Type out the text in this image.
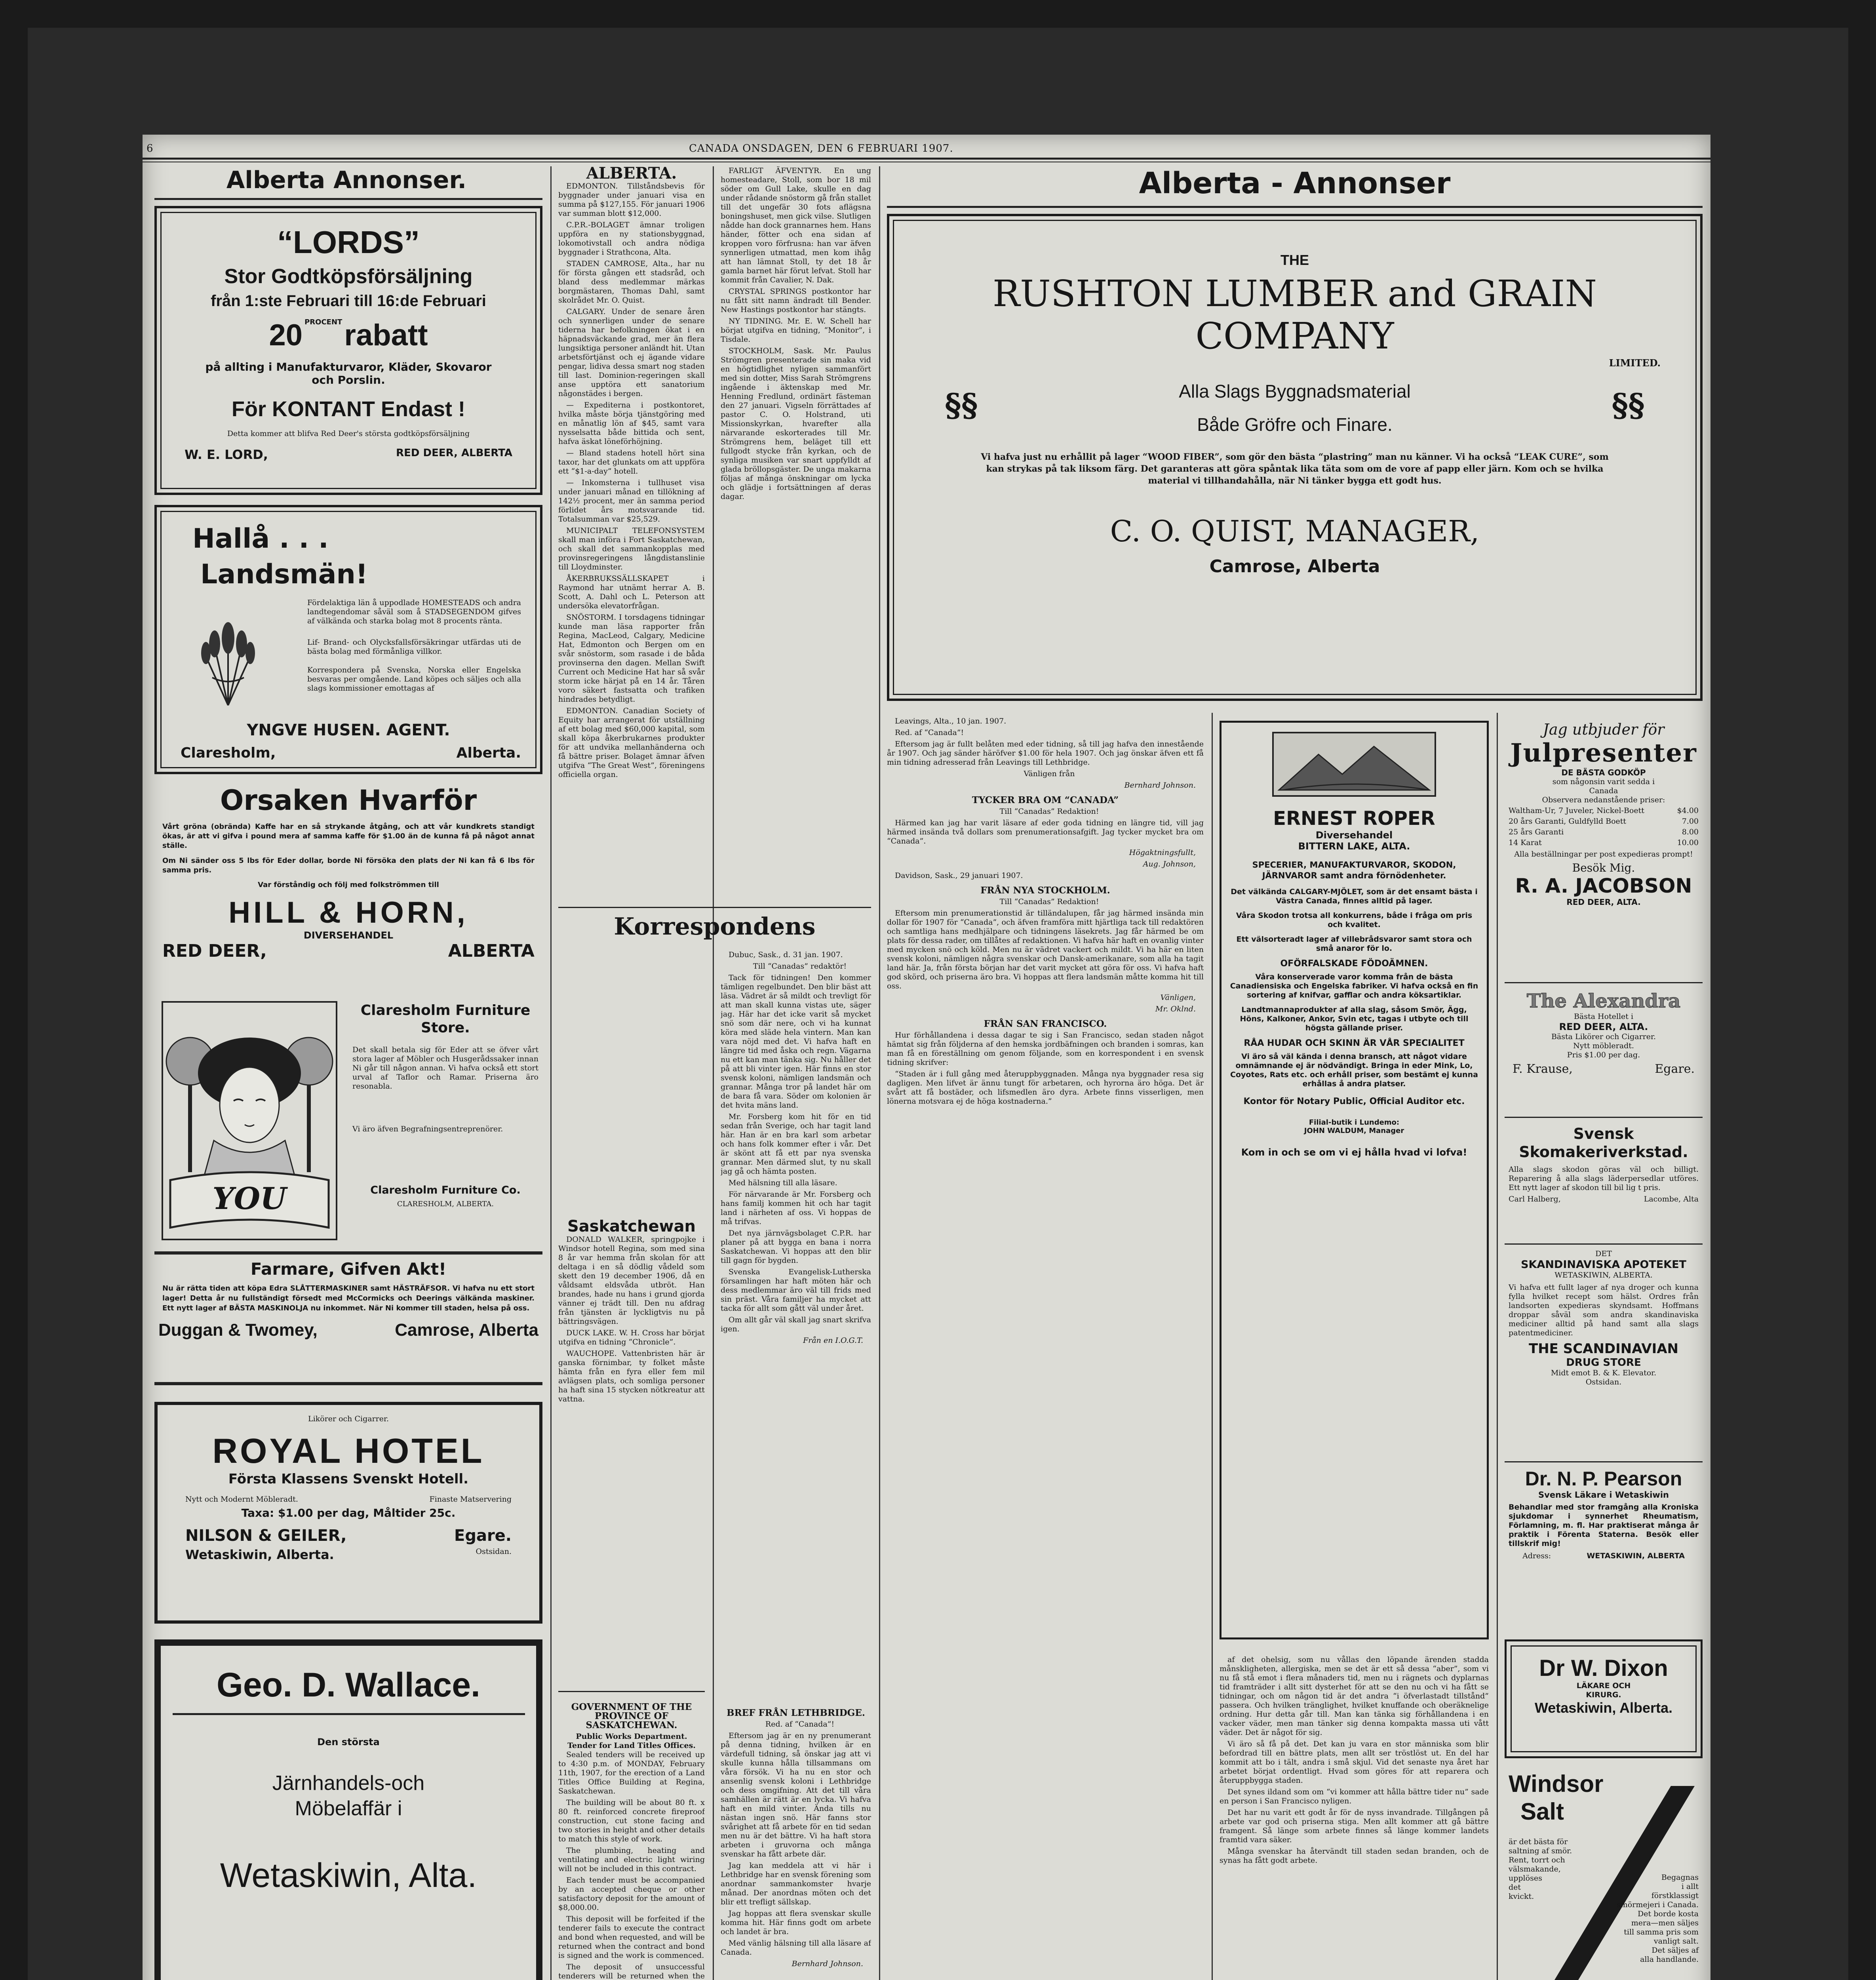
6	CANADA ONSDAGEN, DEN 6 FEBRUARI 1907.
Alberta Annonser.
“LORDS”
Stor Godtköpsförsäljning
från 1:ste Februari till 16:de Februari
20 PROCENT rabatt
på allting i Manufakturvaror, Kläder, Skovaror och Porslin.
För KONTANT Endast !
Detta kommer att blifva Red Deer's största godtköpsförsäljning
W. E. LORD,	RED DEER, ALBERTA
Hallå . . .
Landsmän!
Fördelaktiga län å uppodlade HOMESTEADS och andra landtegendomar såväl som å STADSEGENDOM gifves af välkända och starka bolag mot 8 procents ränta.
Lif- Brand- och Olycksfallsförsäkringar utfärdas uti de bästa bolag med förmånliga villkor.
Korrespondera på Svenska, Norska eller Engelska besvaras per omgående. Land köpes och säljes och alla slags kommissioner emottagas af
YNGVE HUSEN. AGENT.
Claresholm,	Alberta.
Orsaken Hvarför
Vårt gröna (obrända) Kaffe har en så strykande åtgång, och att vår kundkrets standigt ökas, är att vi gifva i pound mera af samma kaffe för $1.00 än de kunna få på något annat ställe.
Om Ni sänder oss 5 lbs för Eder dollar, borde Ni försöka den plats der Ni kan få 6 lbs för samma pris.
Var förståndig och följ med folkströmmen till
HILL & HORN,
DIVERSEHANDEL
RED DEER,	ALBERTA
YOU
Claresholm Furniture Store.
Det skall betala sig för Eder att se öfver vårt stora lager af Möbler och Husgerådssaker innan Ni går till någon annan. Vi hafva också ett stort urval af Taflor och Ramar. Priserna äro resonabla.
Vi äro äfven Begrafningsentreprenörer.
Claresholm Furniture Co.
CLARESHOLM, ALBERTA.
Farmare, Gifven Akt!
Nu är rätta tiden att köpa Edra SLÅTTERMASKINER samt HÄSTRÄFSOR. Vi hafva nu ett stort lager! Detta år nu fullständigt försedt med McCormicks och Deerings välkända maskiner. Ett nytt lager af BÄSTA MASKINOLJA nu inkommet. När Ni kommer till staden, helsa på oss.
Duggan & Twomey,	Camrose, Alberta
Likörer och Cigarrer.
ROYAL HOTEL
Första Klassens Svenskt Hotell.
Nytt och Modernt Möbleradt.	Finaste Matservering
Taxa: $1.00 per dag, Måltider 25c.
NILSON & GEILER,	Egare.
Wetaskiwin, Alberta.	Ostsidan.
Geo. D. Wallace.
Den största
Järnhandels-och
Möbelaffär i
Wetaskiwin, Alta.
ALBERTA.

EDMONTON. Tillståndsbevis för byggnader under januari visa en summa på $127,155. För januari 1906 var summan blott $12,000.

C.P.R.-BOLAGET ämnar troligen uppföra en ny stationsbyggnad, lokomotivstall och andra nödiga byggnader i Strathcona, Alta.

STADEN CAMROSE, Alta., har nu för första gången ett stadsråd, och bland dess medlemmar märkas borgmästaren, Thomas Dahl, samt skolrådet Mr. O. Quist.

CALGARY. Under de senare åren och synnerligen under de senare tiderna har befolkningen ökat i en häpnadsväckande grad, mer än flera lungsiktiga personer anländt hit. Utan arbetsförtjänst och ej ägande vidare pengar, lidiva dessa smart nog staden till last. Dominion-regeringen skall anse upptöra ett sanatorium någonstädes i bergen.

— Expediterna i postkontoret, hvilka måste börja tjänstgöring med en månatlig lön af $45, samt vara nysselsatta både bittida och sent, hafva äskat löneförhöjning.

— Bland stadens hotell hört sina taxor, har det glunkats om att uppföra ett “$1-a-day” hotell.

— Inkomsterna i tullhuset visa under januari månad en tillökning af 142½ procent, mer än samma period förlidet års motsvarande tid. Totalsumman var $25,529.

MUNICIPALT TELEFONSYSTEM skall man införa i Fort Saskatchewan, och skall det sammankopplas med provinsregeringens långdistanslinie till Lloydminster.

ÅKERBRUKSSÄLLSKAPET i Raymond har utnämt herrar A. B. Scott, A. Dahl och L. Peterson att undersöka elevatorfrågan.

SNÖSTORM. I torsdagens tidningar kunde man läsa rapporter från Regina, MacLeod, Calgary, Medicine Hat, Edmonton och Bergen om en svår snöstorm, som rasade i de båda provinserna den dagen. Mellan Swift Current och Medicine Hat har så svår storm icke härjat på en 14 år. Tåren voro säkert fastsatta och trafiken hindrades betydligt.

EDMONTON. Canadian Society of Equity har arrangerat för utställning af ett bolag med $60,000 kapital, som skall köpa åkerbrukarnes produkter för att undvika mellanhänderna och få bättre priser. Bolaget ämnar äfven utgifva “The Great West”, föreningens officiella organ.

Saskatchewan

DONALD WALKER, springpojke i Windsor hotell Regina, som med sina 8 år var hemma från skolan för att deltaga i en så dödlig vådeld som skett den 19 december 1906, då en våldsamt eldsvåda utbröt. Han brandes, hade nu hans i grund gjorda vänner ej trädt till. Den nu afdrag från tjänsten är lyckligtvis nu på bättringsvägen.

DUCK LAKE. W. H. Cross har börjat utgifva en tidning “Chronicle”.

WAUCHOPE. Vattenbristen här är ganska förnimbar, ty folket måste hämta från en fyra eller fem mil avlägsen plats, och somliga personer ha haft sina 15 stycken nötkreatur att vattna.

GOVERNMENT OF THE PROVINCE OF SASKATCHEWAN.
Public Works Department.
Tender for Land Titles Offices.

Sealed tenders will be received up to 4:30 p.m. of MONDAY, February 11th, 1907, for the erection of a Land Titles Office Building at Regina, Saskatchewan.

The building will be about 80 ft. x 80 ft. reinforced concrete fireproof construction, cut stone facing and two stories in height and other details to match this style of work.

The plumbing, heating and ventilating and electric light wiring will not be included in this contract.

Each tender must be accompanied by an accepted cheque or other satisfactory deposit for the amount of $8,000.00.

This deposit will be forfeited if the tenderer fails to execute the contract and bond when requested, and will be returned when the contract and bond is signed and the work is commenced.

The deposit of unsuccessful tenderers will be returned when the

FARLIGT ÄFVENTYR. En ung homesteadare, Stoll, som bor 18 mil söder om Gull Lake, skulle en dag under rådande snöstorm gå från stallet till det ungefär 30 fots aflägsna boningshuset, men gick vilse. Slutligen nådde han dock grannarnes hem. Hans händer, fötter och ena sidan af kroppen voro förfrusna: han var äfven synnerligen utmattad, men kom ihåg att han lämnat Stoll, ty det 18 år gamla barnet här förut lefvat. Stoll har kommit från Cavalier, N. Dak.

CRYSTAL SPRINGS postkontor har nu fått sitt namn ändradt till Bender. New Hastings postkontor har stängts.

NY TIDNING. Mr. E. W. Schell har börjat utgifva en tidning, “Monitor”, i Tisdale.

STOCKHOLM, Sask. Mr. Paulus Strömgren presenterade sin maka vid en högtidlighet nyligen sammanfört med sin dotter, Miss Sarah Strömgrens ingående i äktenskap med Mr. Henning Fredlund, ordinärt fästeman den 27 januari. Vigseln förrättades af pastor C. O. Holstrand, uti Missionskyrkan, hvarefter alla närvarande eskorterades till Mr. Strömgrens hem, beläget till ett fullgodt stycke från kyrkan, och de synliga musiken var snart uppfylldt af glada bröllopsgäster. De unga makarna följas af många önskningar om lycka och glädje i fortsättningen af deras dagar.

Korrespondens

Dubuc, Sask., d. 31 jan. 1907.

Till “Canadas” redaktör!

Tack för tidningen! Den kommer tämligen regelbundet. Den blir bäst att läsa. Vädret är så mildt och trevligt för att man skall kunna vistas ute, säger jag. Här har det icke varit så mycket snö som där nere, och vi ha kunnat köra med släde hela vintern. Man kan vara nöjd med det. Vi hafva haft en längre tid med åska och regn. Vägarna nu ett kan man tänka sig. Nu håller det på att bli vinter igen. Här finns en stor svensk koloni, nämligen landsmän och grannar. Många tror på landet här om de bara få vara. Söder om kolonien är det hvita mäns land.

Mr. Forsberg kom hit för en tid sedan från Sverige, och har tagit land här. Han är en bra karl som arbetar och hans folk kommer efter i vår. Det är skönt att få ett par nya svenska grannar. Men därmed slut, ty nu skall jag gå och hämta posten.

Med hälsning till alla läsare.

För närvarande är Mr. Forsberg och hans familj kommen hit och har tagit land i närheten af oss. Vi hoppas de må trifvas.

Det nya järnvägsbolaget C.P.R. har planer på att bygga en bana i norra Saskatchewan. Vi hoppas att den blir till gagn för bygden.

Svenska Evangelisk-Lutherska församlingen har haft möten här och dess medlemmar äro väl till frids med sin präst. Våra familjer ha mycket att tacka för allt som gått väl under året.

Om allt går väl skall jag snart skrifva igen.

Från en I.O.G.T.
BREF FRÅN LETHBRIDGE.

Red. af “Canada”!

Eftersom jag är en ny prenumerant på denna tidning, hvilken är en värdefull tidning, så önskar jag att vi skulle kunna hålla tillsammans om våra försök. Vi ha nu en stor och ansenlig svensk koloni i Lethbridge och dess omgifning. Att det till våra samhällen är rätt är en lycka. Vi hafva haft en mild vinter. Ända tills nu nästan ingen snö. Här fanns stor svårighet att få arbete för en tid sedan men nu är det bättre. Vi ha haft stora arbeten i gruvorna och många svenskar ha fått arbete där.

Jag kan meddela att vi här i Lethbridge har en svensk förening som anordnar sammankomster hvarje månad. Der anordnas möten och det blir ett trefligt sällskap.

Jag hoppas att flera svenskar skulle komma hit. Här finns godt om arbete och landet är bra.

Med vänlig hälsning till alla läsare af Canada.

Bernhard Johnson.
Alberta - Annonser
THE
RUSHTON LUMBER and GRAIN COMPANY
LIMITED.
Alla Slags Byggnadsmaterial
Både Gröfre och Finare.
§§	§§
Vi hafva just nu erhållit på lager “WOOD FIBER”, som gör den bästa “plastring” man nu känner. Vi ha också “LEAK CURE”, som kan strykas på tak liksom färg. Det garanteras att göra spåntak lika täta som om de vore af papp eller järn. Kom och se hvilka material vi tillhandahålla, när Ni tänker bygga ett godt hus.
C. O. QUIST, MANAGER,
Camrose, Alberta

Leavings, Alta., 10 jan. 1907.

Red. af “Canada”!

Eftersom jag är fullt belåten med eder tidning, så till jag hafva den innestående år 1907. Och jag sänder häröfver $1.00 för hela 1907. Och jag önskar äfven ett få min tidning adresserad från Leavings till Lethbridge.

Vänligen från

Bernhard Johnson.

TYCKER BRA OM “CANADA”

Till “Canadas” Redaktion!

Härmed kan jag har varit läsare af eder goda tidning en längre tid, vill jag härmed insända två dollars som prenumerationsafgift. Jag tycker mycket bra om “Canada”.

Högaktningsfullt,

Aug. Johnson,

Davidson, Sask., 29 januari 1907.

FRÅN NYA STOCKHOLM.

Till “Canadas” Redaktion!

Eftersom min prenumerationstid är tilländalupen, får jag härmed insända min dollar för 1907 för “Canada”, och äfven framföra mitt hjärtliga tack till redaktören och samtliga hans medhjälpare och tidningens läsekrets. Jag får härmed be om plats för dessa rader, om tillåtes af redaktionen. Vi hafva här haft en ovanlig vinter med mycken snö och köld. Men nu är vädret vackert och mildt. Vi ha här en liten svensk koloni, nämligen några svenskar och Dansk-amerikanare, som alla ha tagit land här. Ja, från första början har det varit mycket att göra för oss. Vi hafva haft god skörd, och priserna äro bra. Vi hoppas att flera landsmän måtte komma hit till oss.

Vänligen,

Mr. Oklnd.

FRÅN SAN FRANCISCO.

Hur förhållandena i dessa dagar te sig i San Francisco, sedan staden något hämtat sig från följderna af den hemska jordbäfningen och branden i somras, kan man få en föreställning om genom följande, som en korrespondent i en svensk tidning skrifver:

“Staden är i full gång med återuppbyggnaden. Många nya byggnader resa sig dagligen. Men lifvet är ännu tungt för arbetaren, och hyrorna äro höga. Det är svårt att få bostäder, och lifsmedlen äro dyra. Arbete finns visserligen, men lönerna motsvara ej de höga kostnaderna.”

ERNEST ROPER
Diversehandel
BITTERN LAKE, ALTA.
SPECERIER, MANUFAKTURVAROR, SKODON, JÄRNVAROR samt andra förnödenheter.
Det välkända CALGARY-MJÖLET, som är det ensamt bästa i Västra Canada, finnes alltid på lager.
Våra Skodon trotsa all konkurrens, både i fråga om pris och kvalitet.
Ett välsorteradt lager af villebrådsvaror samt stora och små anaror för lo.
OFÖRFALSKADE FÖDOÄMNEN.
Våra konserverade varor komma från de bästa Canadiensiska och Engelska fabriker. Vi hafva också en fin sortering af knifvar, gafflar och andra köksartiklar.
Landtmannaprodukter af alla slag, såsom Smör, Ägg, Höns, Kalkoner, Ankor, Svin etc, tagas i utbyte och till högsta gällande priser.
RÅA HUDAR OCH SKINN ÄR VÅR SPECIALITET
Vi äro så väl kända i denna bransch, att något vidare omnämnande ej är nödvändigt. Bringa in eder Mink, Lo, Coyotes, Rats etc. och erhåll priser, som bestämt ej kunna erhållas å andra platser.
Kontor för Notary Public, Official Auditor etc.
Filial-butik i Lundemo:
JOHN WALDUM, Manager
Kom in och se om vi ej hålla hvad vi lofva!

af det ohelsig, som nu vållas den löpande ärenden stadda månskligheten, allergiska, men se det är ett så dessa “aber”, som vi nu få stå emot i flera månaders tid, men nu i rägnets och dyplarnas tid framträder i allt sitt dysterhet för att se den nu och vi ha fått se tidningar, och om någon tid är det andra “i öfverlastadt tillstånd” passera. Och hvilken tränglighet, hvilket knuffande och oberäknelige ordning. Hur detta går till. Man kan tänka sig förhållandena i en vacker väder, men man tänker sig denna kompakta massa uti vått väder. Det är något för sig.

Vi äro så få på det. Det kan ju vara en stor människa som blir befordrad till en bättre plats, men allt ser tröstlöst ut. En del har kommit att bo i tält, andra i små skjul. Vid det senaste nya året har arbetet börjat ordentligt. Hvad som göres för att reparera och återuppbygga staden.

Det synes ildand som om “vi kommer att hålla bättre tider nu” sade en person i San Francisco nyligen.

Det har nu varit ett godt år för de nyss invandrade. Tillgången på arbete var god och priserna stiga. Men allt kommer att gå bättre framgent. Så länge som arbete finnes så länge kommer landets framtid vara säker.

Många svenskar ha återvändt till staden sedan branden, och de synas ha fått godt arbete.

Jag utbjuder för
Julpresenter
DE BÄSTA GODKÖP
som någonsin varit sedda i
Canada
Observera nedanstående priser:
Waltham-Ur, 7 Juveler, Nickel-Boett	$4.00
20 års Garanti, Guldfylld Boett	7.00
25 års Garanti	8.00
14 Karat	10.00
Alla beställningar per post expedieras prompt!
Besök Mig.
R. A. JACOBSON
RED DEER, ALTA.
The Alexandra
Bästa Hotellet i
RED DEER, ALTA.
Bästa Likörer och Cigarrer.
Nytt möbleradt.
Pris $1.00 per dag.
F. Krause,	Egare.
Svensk Skomakeriverkstad.
Alla slags skodon göras väl och billigt. Reparering å alla slags läderpersedlar utföres. Ett nytt lager af skodon till bil lig t pris.
Carl Halberg,	Lacombe, Alta
DET
SKANDINAVISKA APOTEKET
WETASKIWIN, ALBERTA.
Vi hafva ett fullt lager af nya droger och kunna fylla hvilket recept som hälst. Ordres från landsorten expedieras skyndsamt. Hoffmans droppar såväl som andra skandinaviska mediciner alltid på hand samt alla slags patentmediciner.
THE SCANDINAVIAN
DRUG STORE
Midt emot B. & K. Elevator.
Ostsidan.
Dr. N. P. Pearson
Svensk Läkare i Wetaskiwin
Behandlar med stor framgång alla Kroniska sjukdomar i synnerhet Rheumatism, Förlamning, m. fl. Har praktiserat många år praktik i Förenta Staterna. Besök eller tillskrif mig!
Adress:	WETASKIWIN, ALBERTA
Dr W. Dixon
LÄKARE OCH
KIRURG.
Wetaskiwin, Alberta.
Windsor
Salt
är det bästa för
saltning af smör.
Rent, torrt och
välsmakande,
upplöses
det
kvickt.
Begagnas
i allt
förstklassigt
smörmejeri i Canada.
Det borde kosta
mera—men säljes
till samma pris som
vanligt salt.
Det säljes af
alla handlande.
